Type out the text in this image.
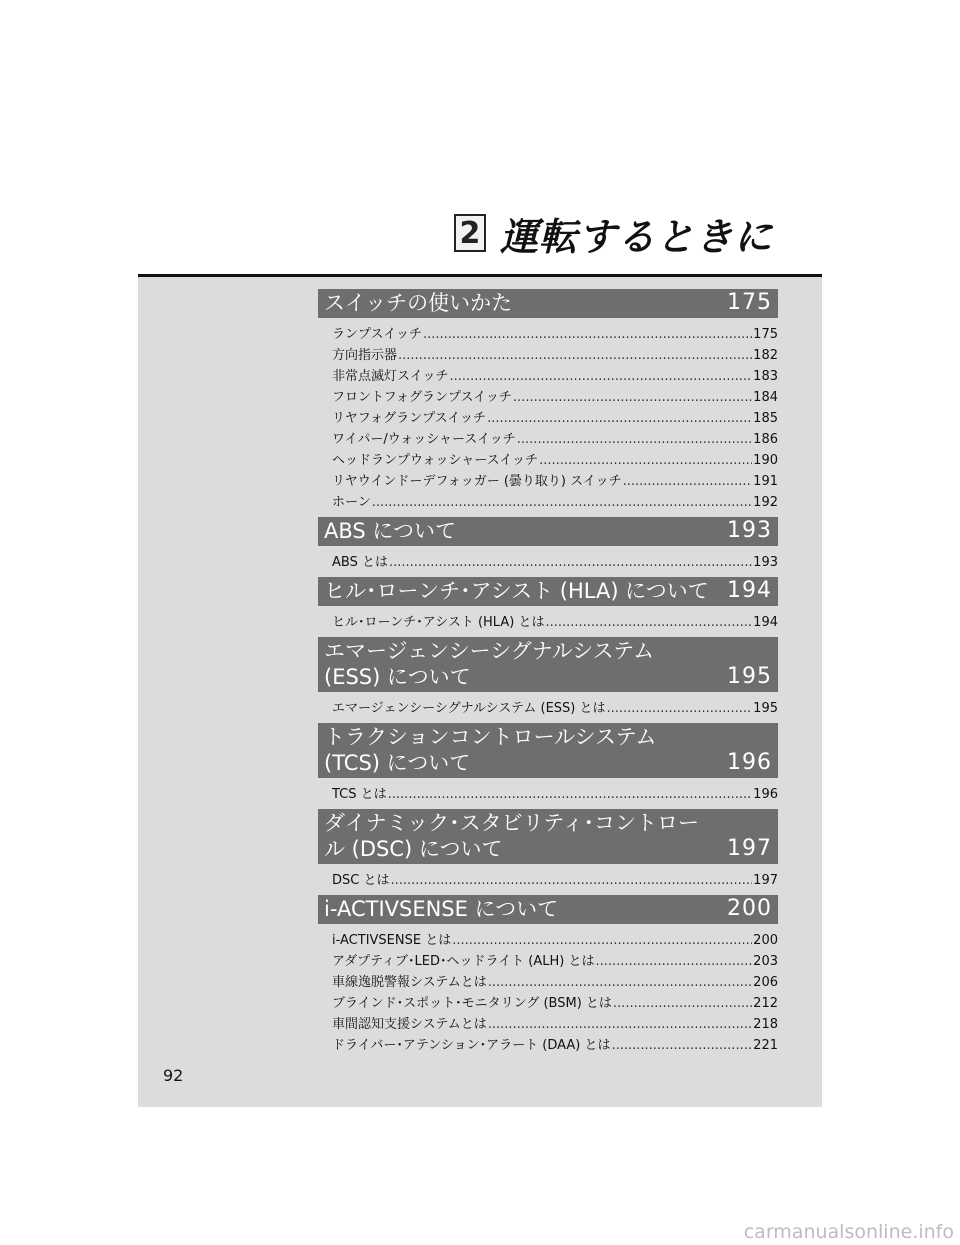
2 運転するときに
スイッチの使いかた	175
ランプスイッチ .....	175
方向指示器 .....	182
非常点滅灯スイッチ .....	183
フロントフォグランプスイッチ .....	184
リヤフォグランプスイッチ .....	185
ワイパー/ウォッシャースイッチ .....	186
ヘッドランプウォッシャースイッチ .....	190
リヤウインドーデフォッガー (曇り取り) スイッチ .....	191
ホーン .....	192
ABS について	193
ABS とは .....	193
ヒル･ローンチ･アシスト (HLA) について 194
ヒル･ローンチ･アシスト (HLA) とは .....	194
エマージェンシーシグナルシステム (ESS) について	195
エマージェンシーシグナルシステム (ESS) とは .....	195
トラクションコントロールシステム (TCS) について	196
TCS とは .....	196
ダイナミック･スタビリティ･コントロール (DSC) について	197
DSC とは .....	197
i-ACTIVSENSE について	200
i-ACTIVSENSE とは .....	200
アダプティブ･LED･ヘッドライト (ALH) とは .....	203
車線逸脱警報システムとは .....	206
ブラインド･スポット･モニタリング (BSM) とは .....	212
車間認知支援システムとは .....	218
ドライバー･アテンション･アラート (DAA) とは .....	221
92
carmanualsonline.info
